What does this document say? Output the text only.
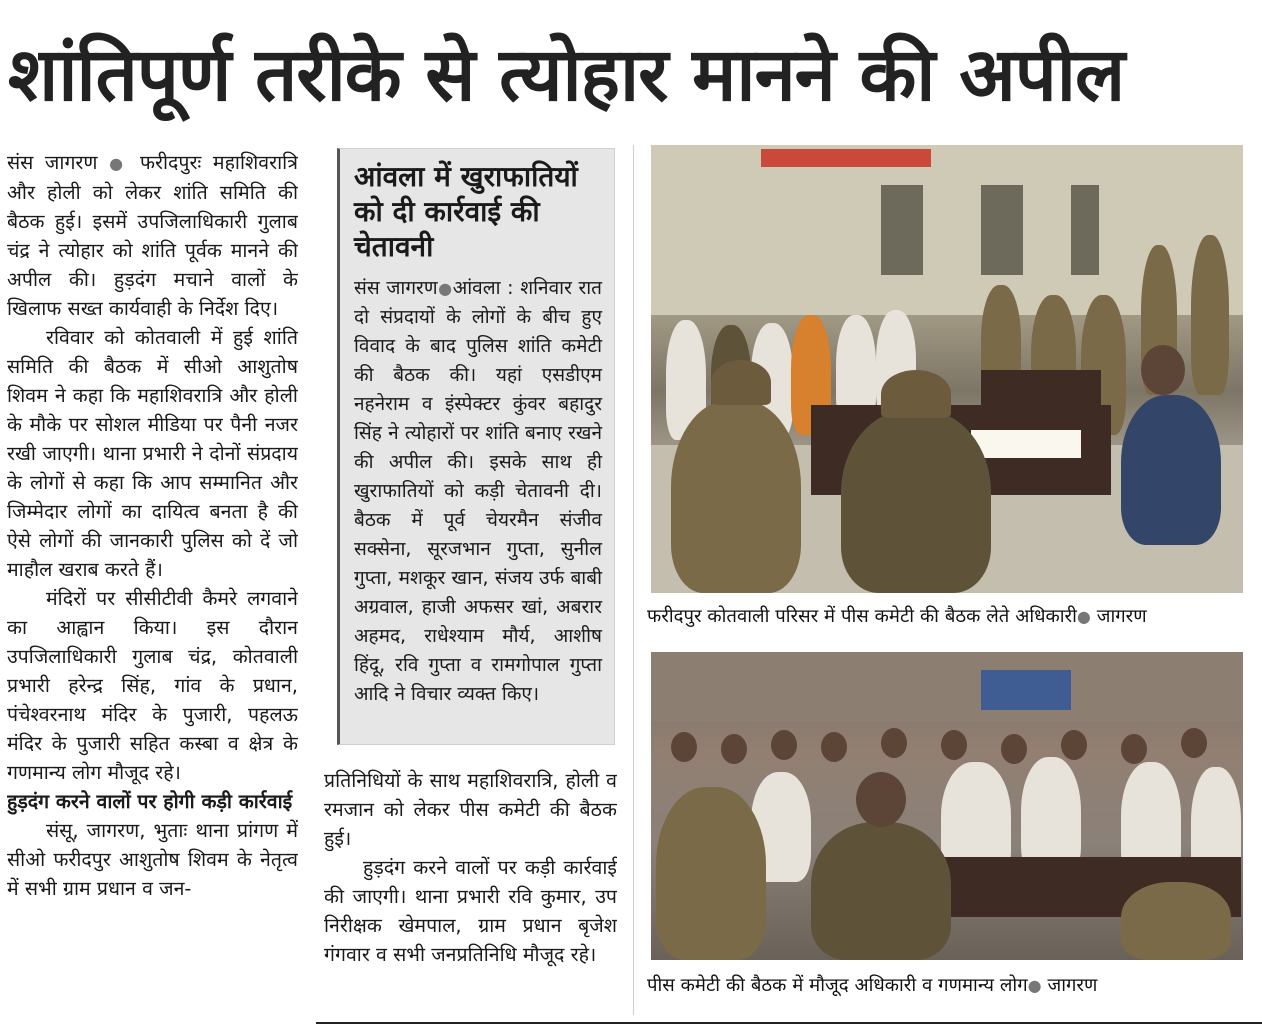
शांतिपूर्ण तरीके से त्योहार मानने की अपील

संस जागरण ● फरीदपुरः महाशिवरात्रि और होली को लेकर शांति समिति की बैठक हुई। इसमें उपजिलाधिकारी गुलाब चंद्र ने त्योहार को शांति पूर्वक मानने की अपील की। हुड़दंग मचाने वालों के खिलाफ सख्त कार्यवाही के निर्देश दिए।

रविवार को कोतवाली में हुई शांति समिति की बैठक में सीओ आशुतोष शिवम ने कहा कि महाशिवरात्रि और होली के मौके पर सोशल मीडिया पर पैनी नजर रखी जाएगी। थाना प्रभारी ने दोनों संप्रदाय के लोगों से कहा कि आप सम्मानित और जिम्मेदार लोगों का दायित्व बनता है की ऐसे लोगों की जानकारी पुलिस को दें जो माहौल खराब करते हैं।

मंदिरों पर सीसीटीवी कैमरे लगवाने का आह्वान किया। इस दौरान उपजिलाधिकारी गुलाब चंद्र, कोतवाली प्रभारी हरेन्द्र सिंह, गांव के प्रधान, पंचेश्वरनाथ मंदिर के पुजारी, पहलऊ मंदिर के पुजारी सहित कस्बा व क्षेत्र के गणमान्य लोग मौजूद रहे।

हुड़दंग करने वालों पर होगी कड़ी कार्रवाई

संसू, जागरण, भुताः थाना प्रांगण में सीओ फरीदपुर आशुतोष शिवम के नेतृत्व में सभी ग्राम प्रधान व जन-

आंवला में खुराफातियों को दी कार्रवाई की चेतावनी
संस जागरण●आंवला : शनिवार रात दो संप्रदायों के लोगों के बीच हुए विवाद के बाद पुलिस शांति कमेटी की बैठक की। यहां एसडीएम नहनेराम व इंस्पेक्टर कुंवर बहादुर सिंह ने त्योहारों पर शांति बनाए रखने की अपील की। इसके साथ ही खुराफातियों को कड़ी चेतावनी दी। बैठक में पूर्व चेयरमैन संजीव सक्सेना, सूरजभान गुप्ता, सुनील गुप्ता, मशकूर खान, संजय उर्फ बाबी अग्रवाल, हाजी अफसर खां, अबरार अहमद, राधेश्याम मौर्य, आशीष हिंदू, रवि गुप्ता व रामगोपाल गुप्ता आदि ने विचार व्यक्त किए।

प्रतिनिधियों के साथ महाशिवरात्रि, होली व रमजान को लेकर पीस कमेटी की बैठक हुई।

हुड़दंग करने वालों पर कड़ी कार्रवाई की जाएगी। थाना प्रभारी रवि कुमार, उप निरीक्षक खेमपाल, ग्राम प्रधान बृजेश गंगवार व सभी जनप्रतिनिधि मौजूद रहे।

फरीदपुर कोतवाली परिसर में पीस कमेटी की बैठक लेते अधिकारी● जागरण
पीस कमेटी की बैठक में मौजूद अधिकारी व गणमान्य लोग● जागरण
